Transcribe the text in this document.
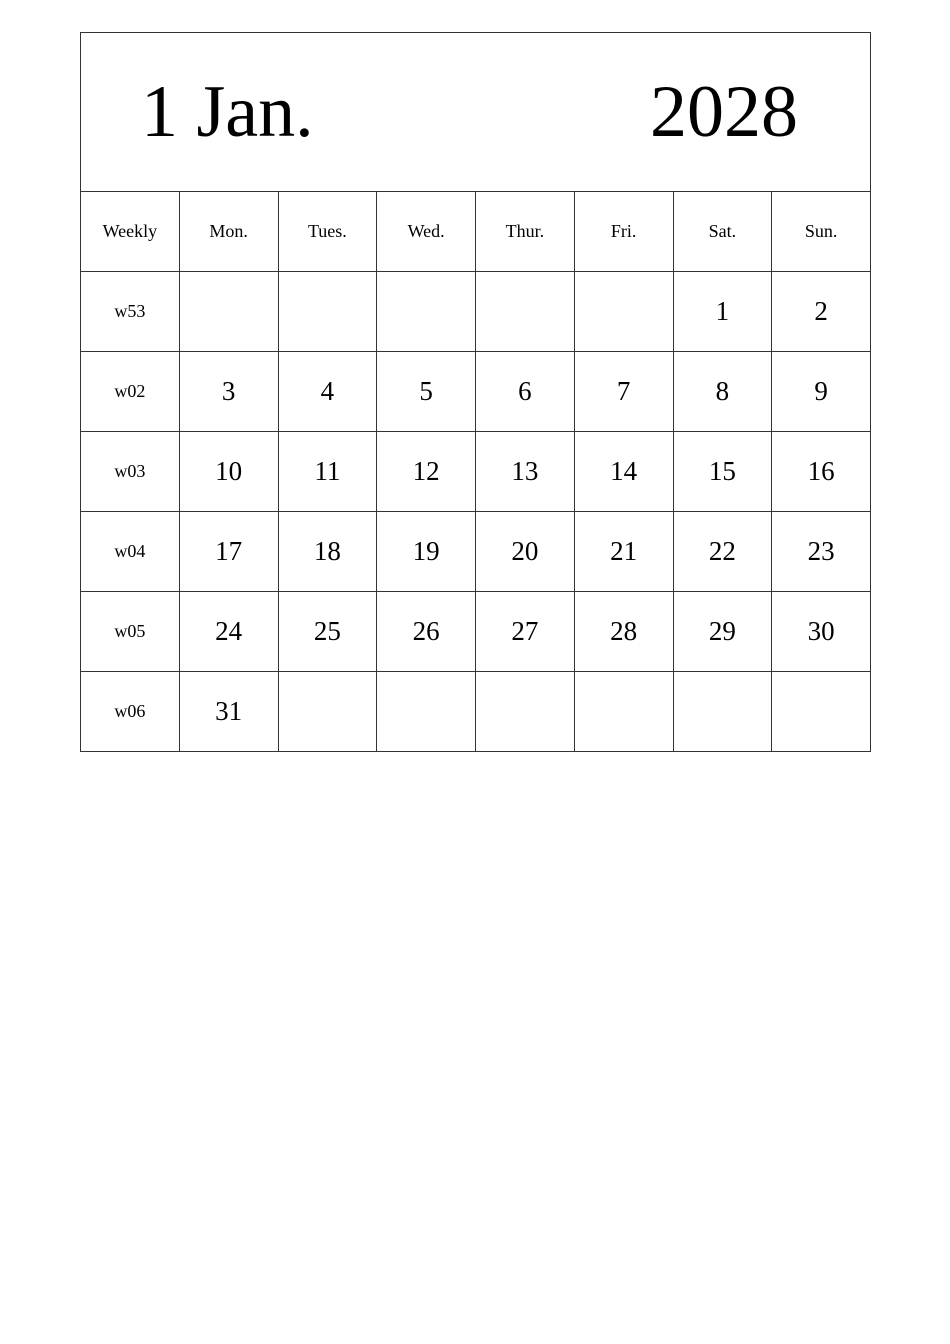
1 Jan. 2028							

Weekly	Mon.	Tues.	Wed.	Thur.	Fri.	Sat.	Sun.
w53						1	2
w02	3	4	5	6	7	8	9
w03	10	11	12	13	14	15	16
w04	17	18	19	20	21	22	23
w05	24	25	26	27	28	29	30
w06	31						
